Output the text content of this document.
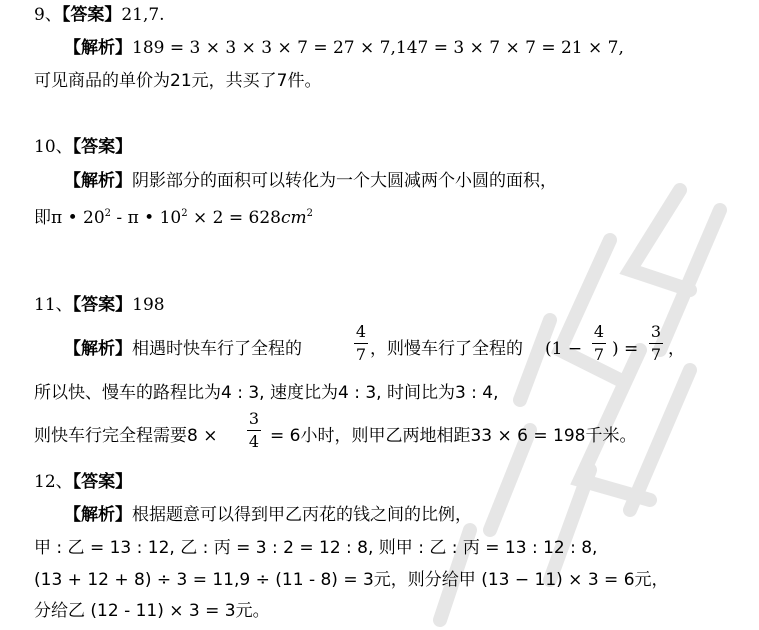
9、【答案】21,7.
【解析】189 = 3 × 3 × 3 × 7 = 27 × 7,147 = 3 × 7 × 7 = 21 × 7,
可见商品的单价为21元，共买了7件。
10、【答案】
【解析】阴影部分的面积可以转化为一个大圆减两个小圆的面积，
即π • $20^2$ - π • $10^2 \times 2 = 628cm^2$
11、【答案】198
【解析】相遇时快车行了全程的
4
7 ，则慢车行了全程的 (1 −
4
7 ) =
3
7 ，
所以快、慢车的路程比为4 : 3, 速度比为4 : 3, 时间比为3 : 4,
则快车行完全程需要8 ×
3
4 = 6小时，则甲乙两地相距33 × 6 = 198千米。
12、【答案】
【解析】根据题意可以得到甲乙丙花的钱之间的比例，
甲 : 乙 = 13 : 12, 乙 : 丙 = 3 : 2 = 12 : 8, 则甲 : 乙 : 丙 = 13 : 12 : 8,
(13 + 12 + 8) ÷ 3 = 11,9 ÷ (11 - 8) = 3元，则分给甲 (13 − 11) × 3 = 6元，
分给乙 (12 - 11) × 3 = 3元。
